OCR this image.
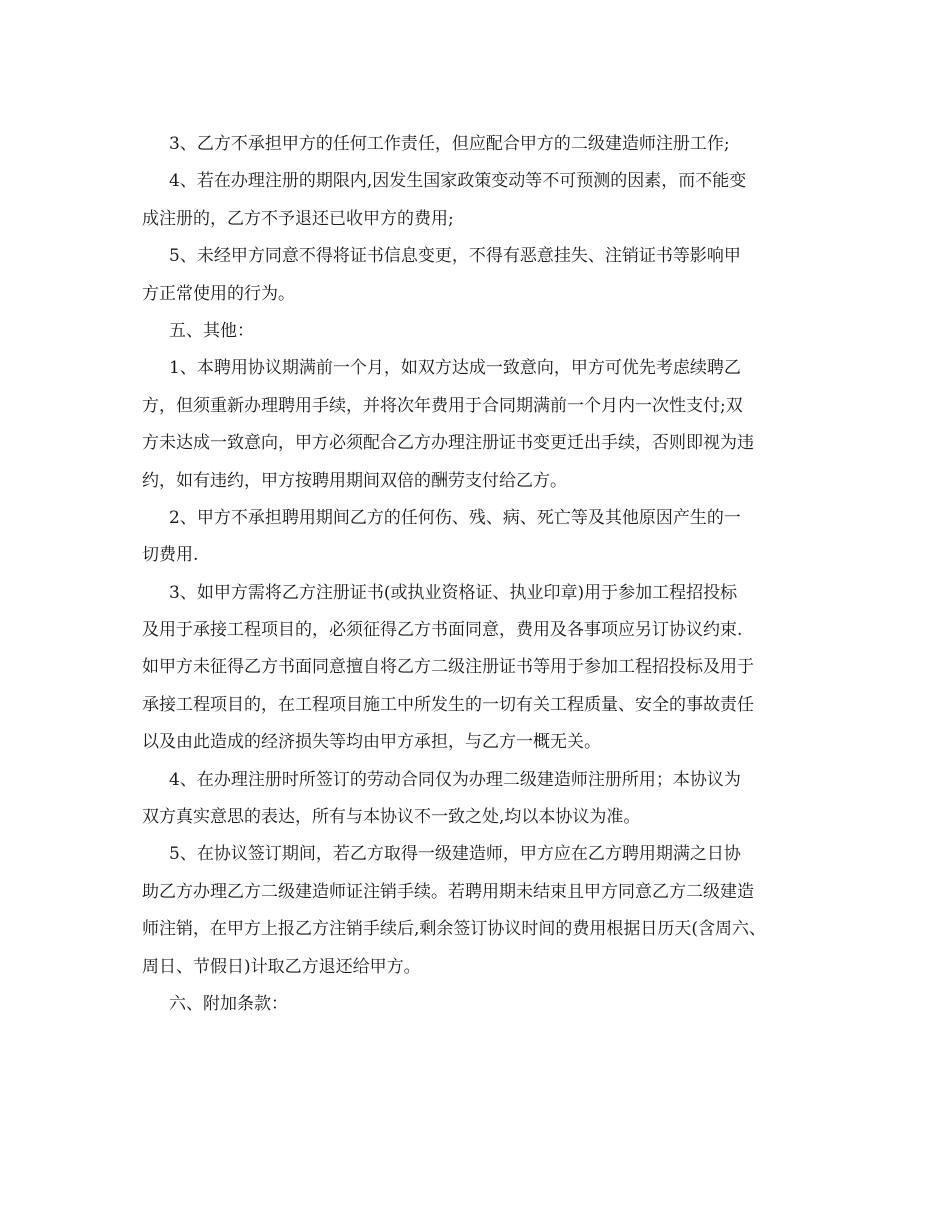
3、乙方不承担甲方的任何工作责任，但应配合甲方的二级建造师注册工作;
4、若在办理注册的期限内,因发生国家政策变动等不可预测的因素，而不能变
成注册的，乙方不予退还已收甲方的费用;
5、未经甲方同意不得将证书信息变更，不得有恶意挂失、注销证书等影响甲
方正常使用的行为。
五、其他：
1、本聘用协议期满前一个月，如双方达成一致意向，甲方可优先考虑续聘乙
方，但须重新办理聘用手续，并将次年费用于合同期满前一个月内一次性支付;双
方未达成一致意向，甲方必须配合乙方办理注册证书变更迁出手续，否则即视为违
约，如有违约，甲方按聘用期间双倍的酬劳支付给乙方。
2、甲方不承担聘用期间乙方的任何伤、残、病、死亡等及其他原因产生的一
切费用.
3、如甲方需将乙方注册证书(或执业资格证、执业印章)用于参加工程招投标
及用于承接工程项目的，必须征得乙方书面同意，费用及各事项应另订协议约束.
如甲方未征得乙方书面同意擅自将乙方二级注册证书等用于参加工程招投标及用于
承接工程项目的，在工程项目施工中所发生的一切有关工程质量、安全的事故责任
以及由此造成的经济损失等均由甲方承担，与乙方一概无关。
4、在办理注册时所签订的劳动合同仅为办理二级建造师注册所用；本协议为
双方真实意思的表达，所有与本协议不一致之处,均以本协议为准。
5、在协议签订期间，若乙方取得一级建造师，甲方应在乙方聘用期满之日协
助乙方办理乙方二级建造师证注销手续。若聘用期未结束且甲方同意乙方二级建造
师注销，在甲方上报乙方注销手续后,剩余签订协议时间的费用根据日历天(含周六、
周日、节假日)计取乙方退还给甲方。
六、附加条款：
